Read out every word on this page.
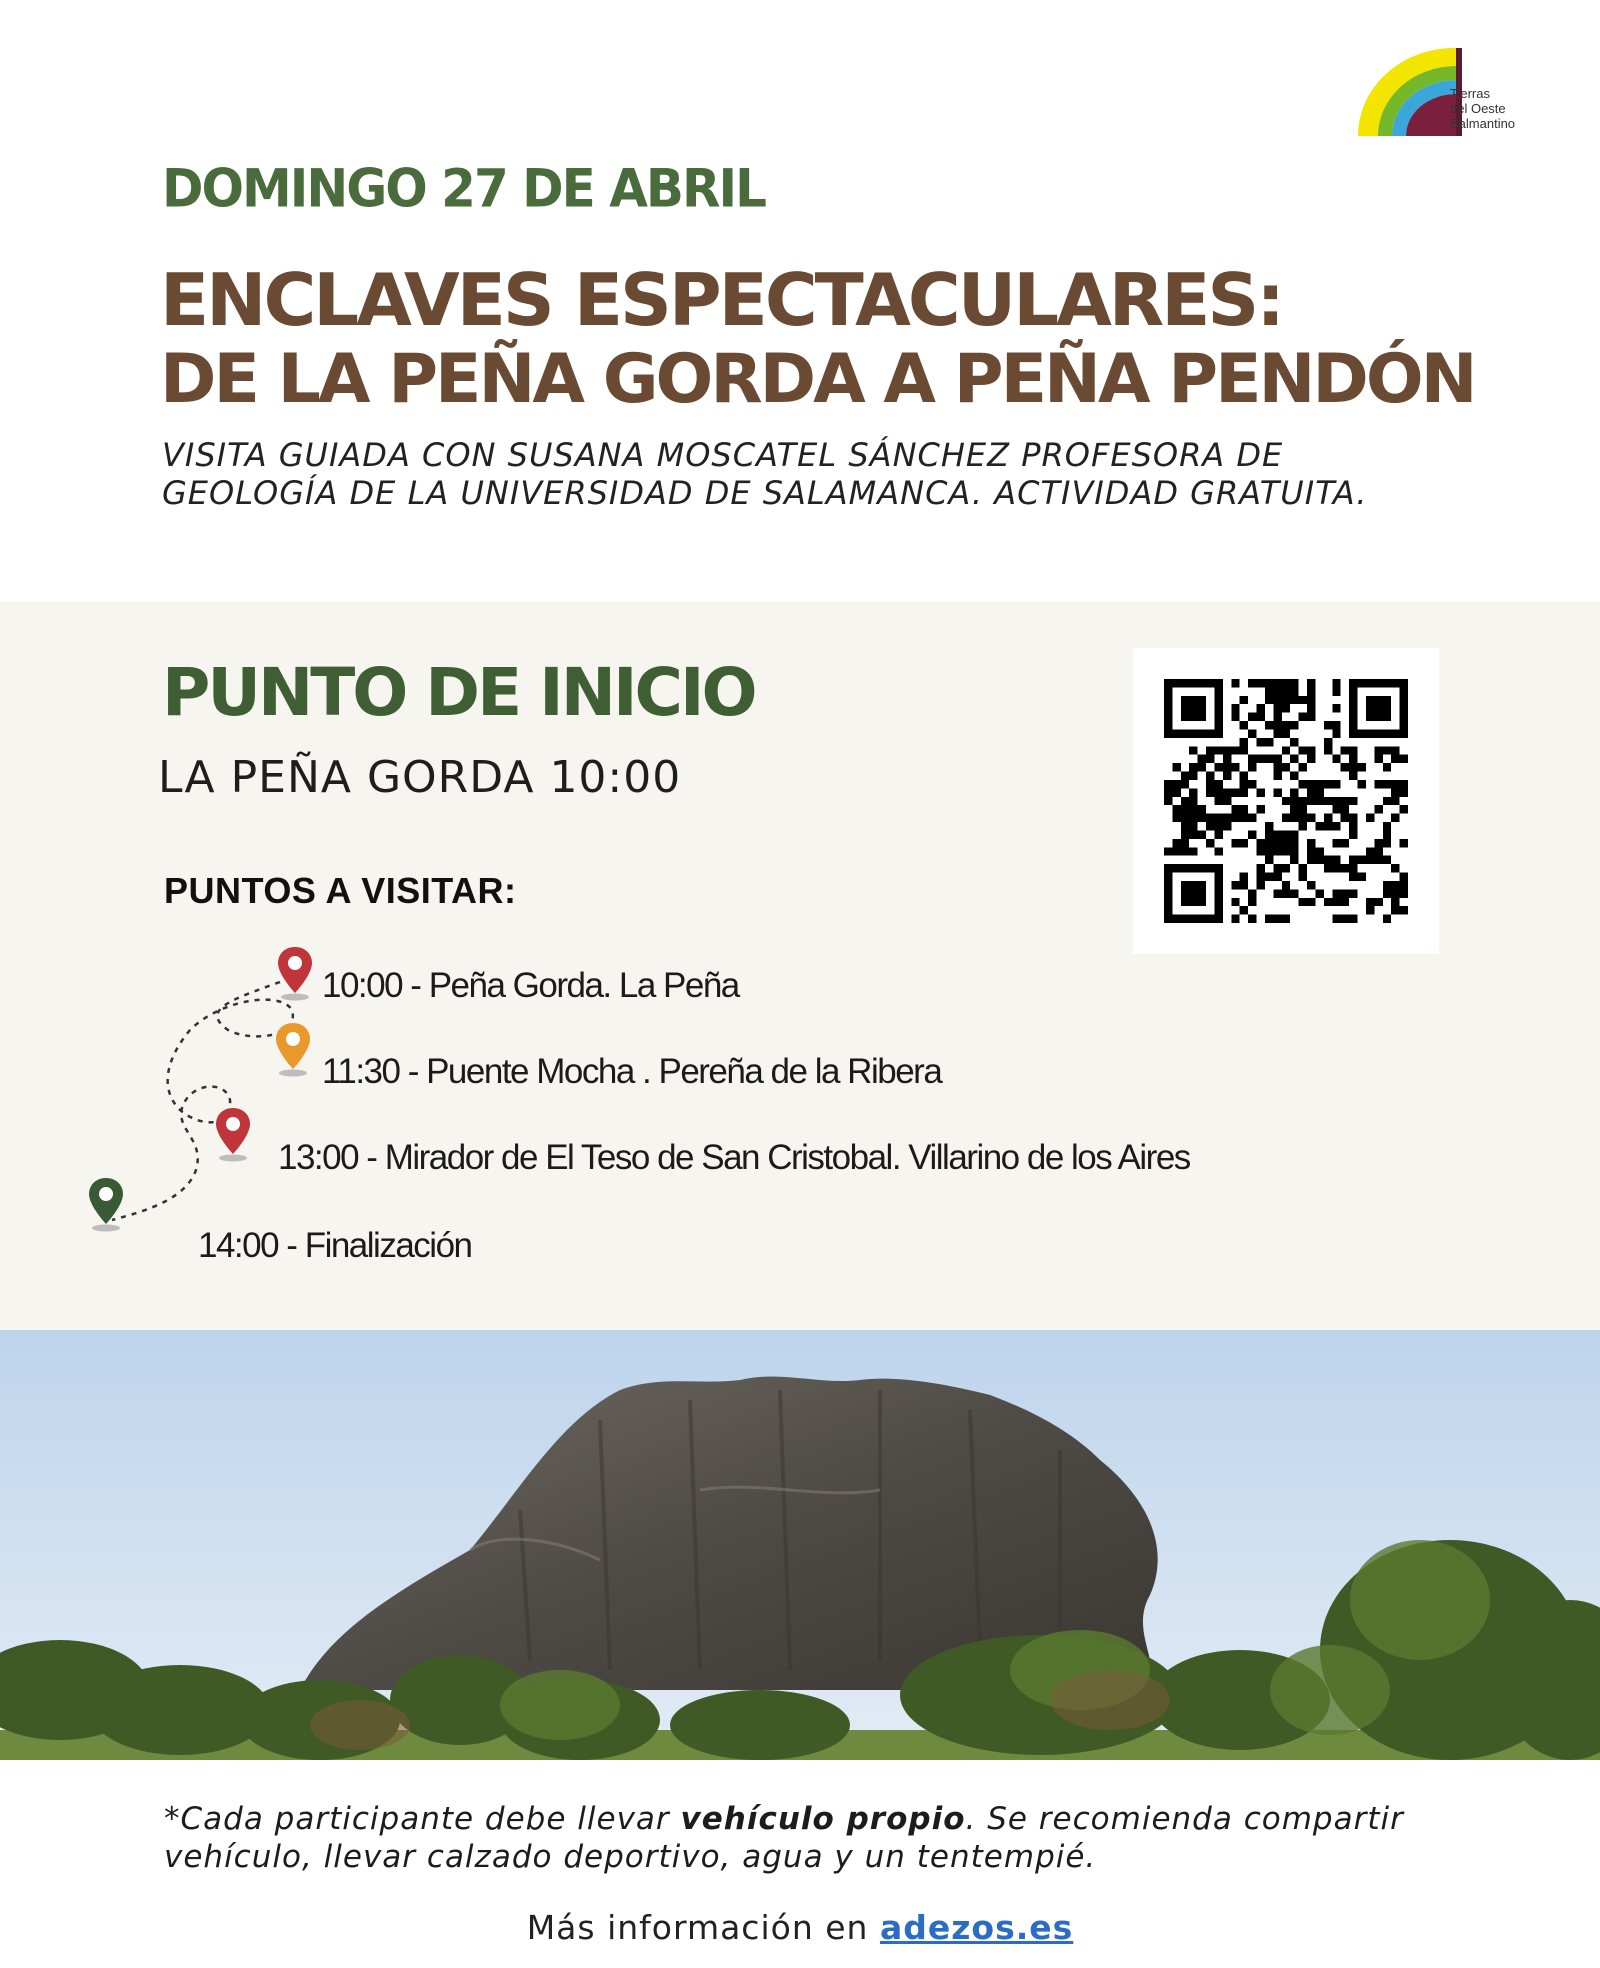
Tierras
del Oeste
Salmantino
DOMINGO 27 DE ABRIL
ENCLAVES ESPECTACULARES:
DE LA PEÑA GORDA A PEÑA PENDÓN
VISITA GUIADA CON SUSANA MOSCATEL SÁNCHEZ PROFESORA DE
GEOLOGÍA DE LA UNIVERSIDAD DE SALAMANCA. ACTIVIDAD GRATUITA.
PUNTO DE INICIO
LA PEÑA GORDA 10:00
PUNTOS A VISITAR:
10:00 - Peña Gorda. La Peña
11:30 - Puente Mocha . Pereña de la Ribera
13:00 - Mirador de El Teso de San Cristobal. Villarino de los Aires
14:00 - Finalización
*Cada participante debe llevar vehículo propio. Se recomienda compartir vehículo, llevar calzado deportivo, agua y un tentempié.
Más información en adezos.es
